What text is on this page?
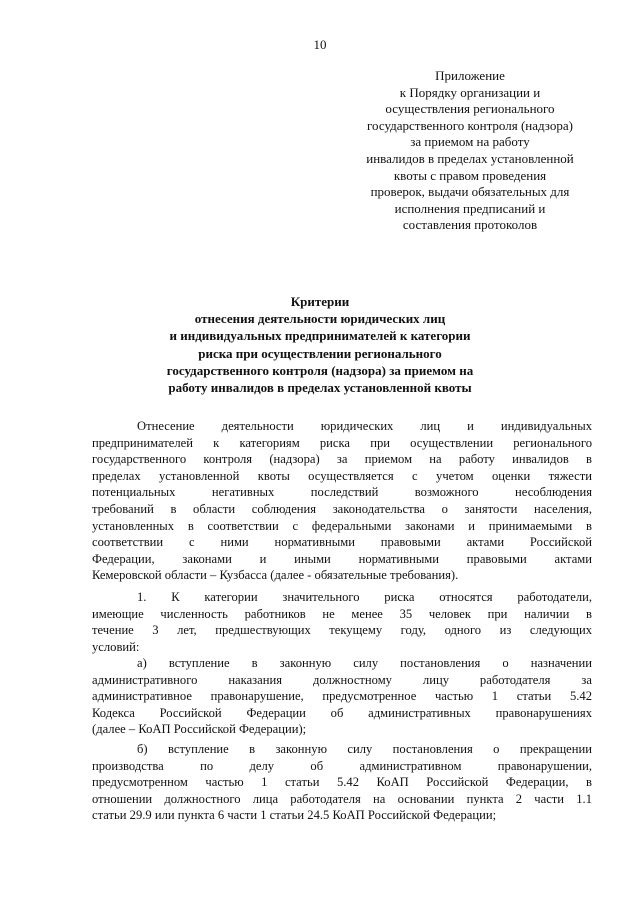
10
Приложение
к Порядку организации и
осуществления регионального
государственного контроля (надзора)
за приемом на работу
инвалидов в пределах установленной
квоты с правом проведения
проверок, выдачи обязательных для
исполнения предписаний и
составления протоколов
Критерии
отнесения деятельности юридических лиц
и индивидуальных предпринимателей к категории
риска при осуществлении регионального
государственного контроля (надзора) за приемом на
работу инвалидов в пределах установленной квоты
Отнесение деятельности юридических лиц и индивидуальных
предпринимателей к категориям риска при осуществлении регионального
государственного контроля (надзора) за приемом на работу инвалидов в
пределах установленной квоты осуществляется с учетом оценки тяжести
потенциальных негативных последствий возможного несоблюдения
требований в области соблюдения законодательства о занятости населения,
установленных в соответствии с федеральными законами и принимаемыми в
соответствии с ними нормативными правовыми актами Российской
Федерации, законами и иными нормативными правовыми актами
Кемеровской области – Кузбасса (далее - обязательные требования).
1. К категории значительного риска относятся работодатели,
имеющие численность работников не менее 35 человек при наличии в
течение 3 лет, предшествующих текущему году, одного из следующих
условий:
а) вступление в законную силу постановления о назначении
административного наказания должностному лицу работодателя за
административное правонарушение, предусмотренное частью 1 статьи 5.42
Кодекса Российской Федерации об административных правонарушениях
(далее – КоАП Российской Федерации);
б) вступление в законную силу постановления о прекращении
производства по делу об административном правонарушении,
предусмотренном частью 1 статьи 5.42 КоАП Российской Федерации, в
отношении должностного лица работодателя на основании пункта 2 части 1.1
статьи 29.9 или пункта 6 части 1 статьи 24.5 КоАП Российской Федерации;
